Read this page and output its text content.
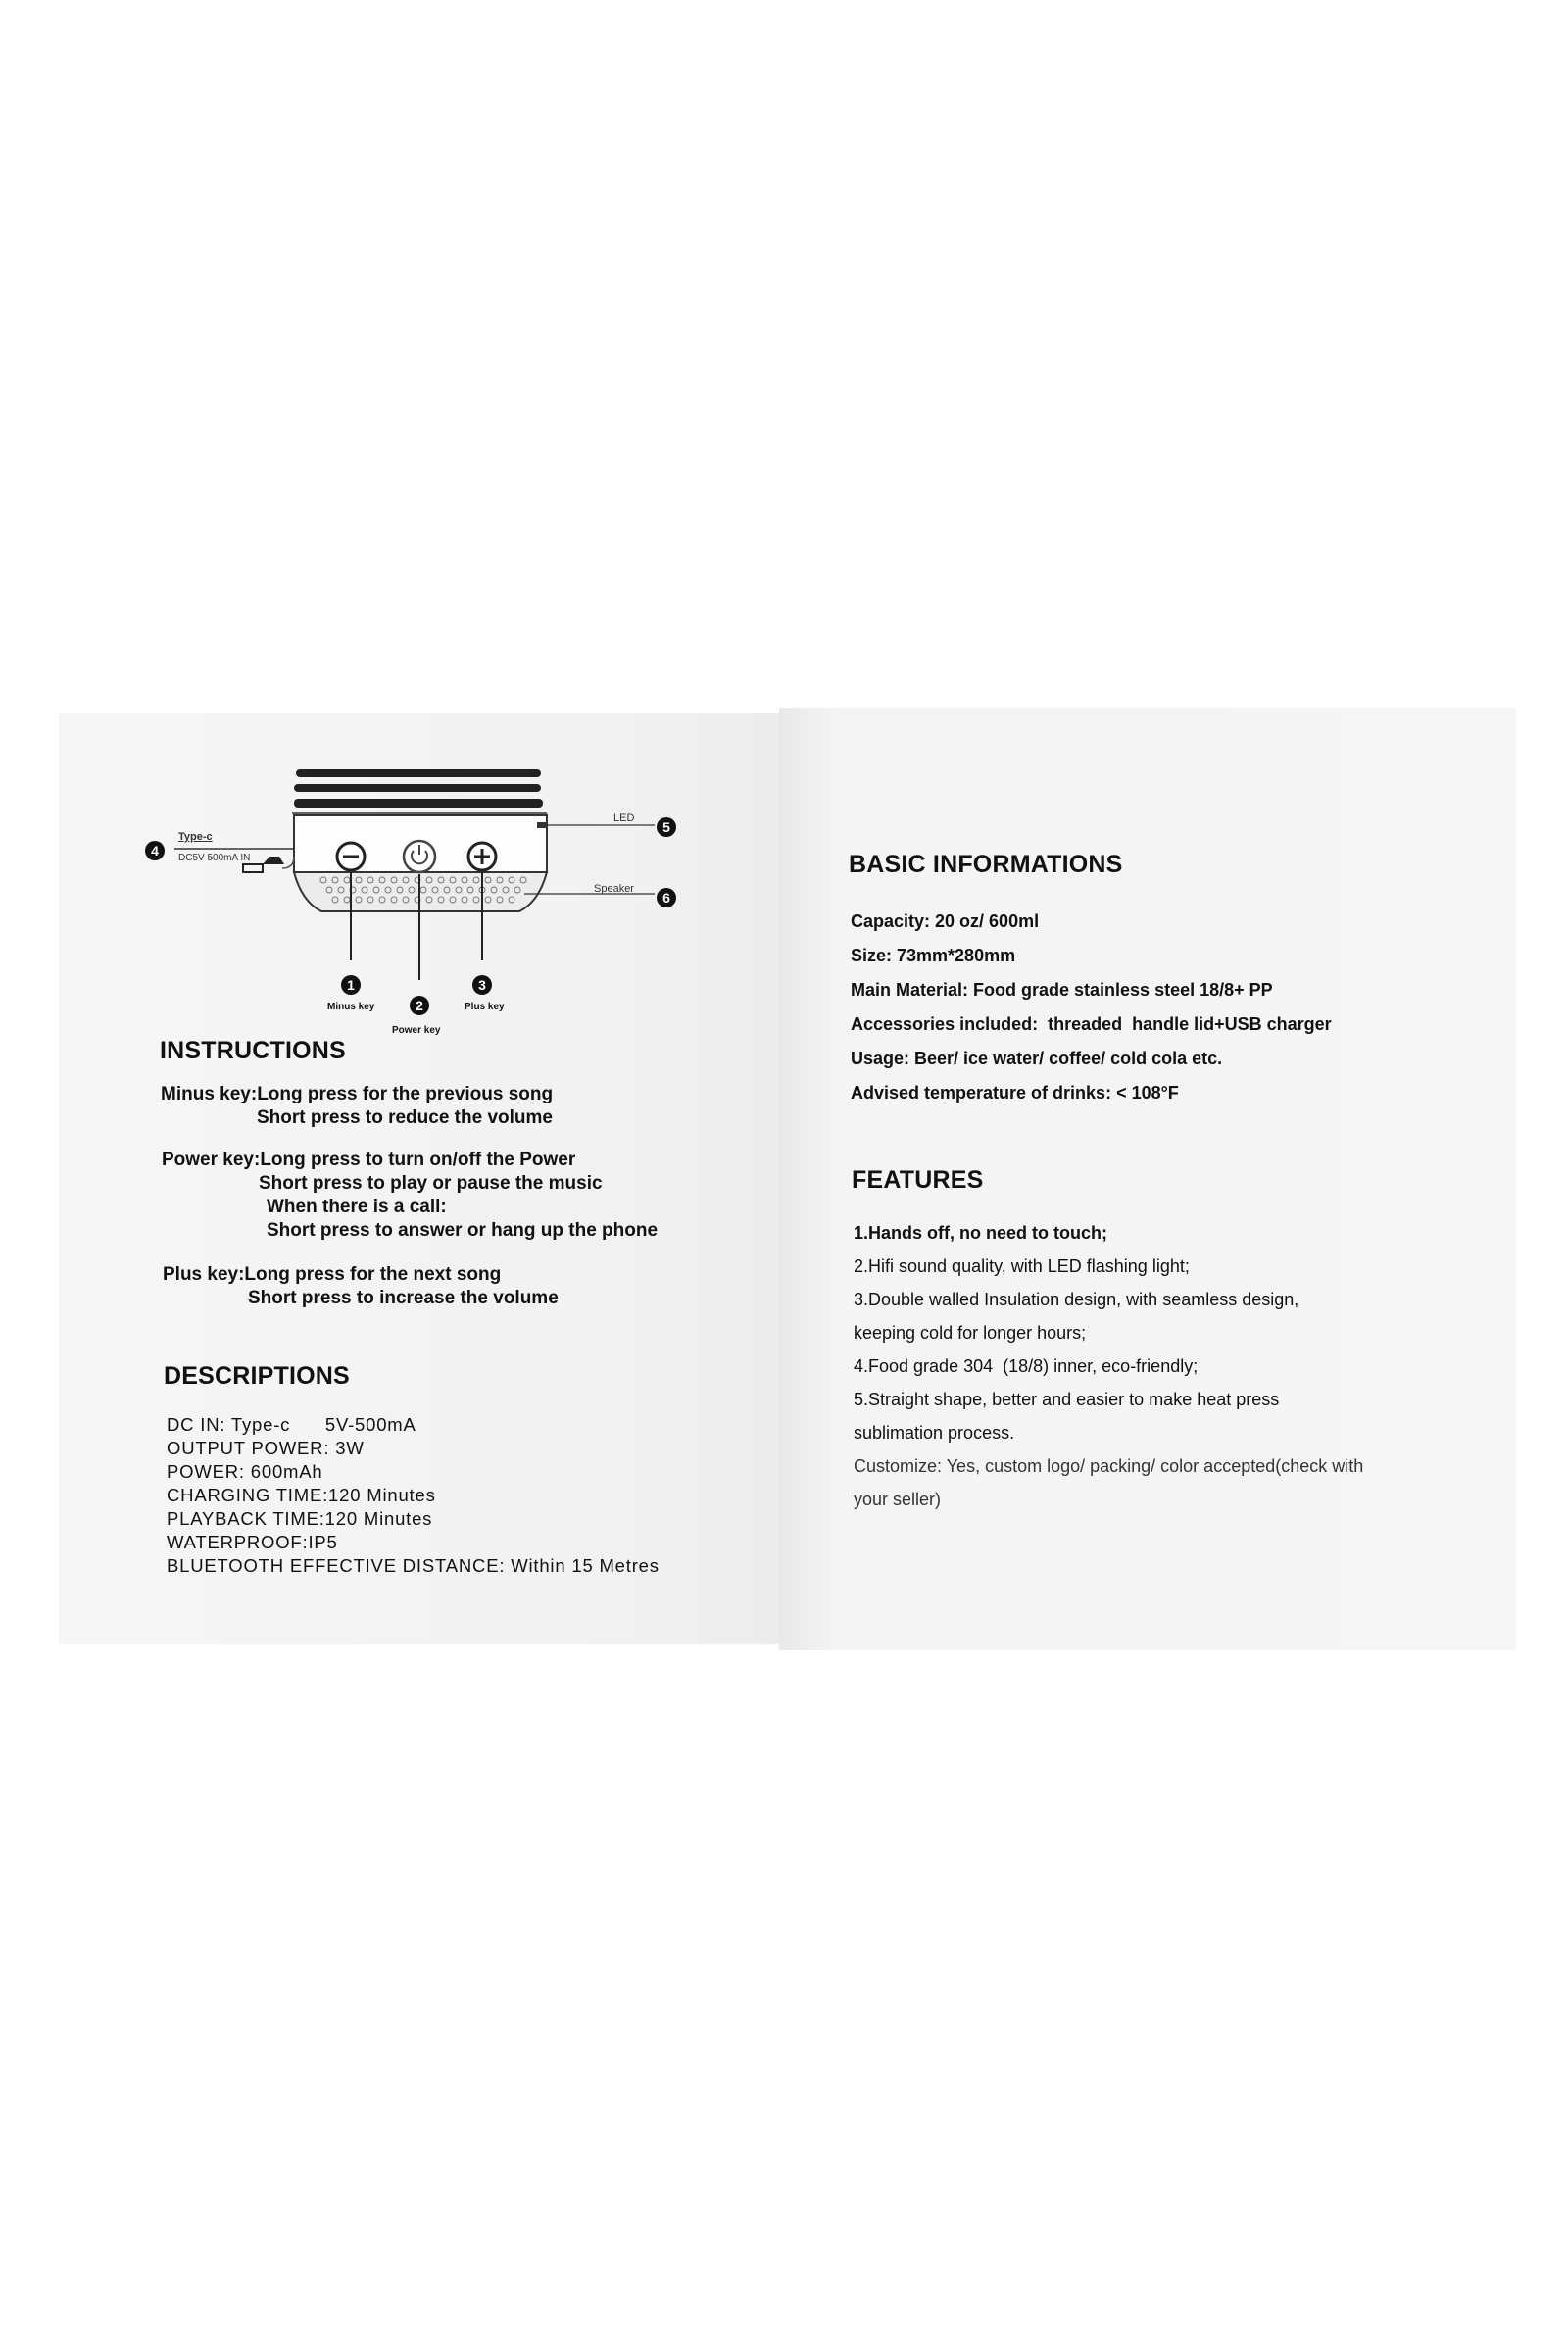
4
Type-c
DC5V 500mA IN
LED
5
Speaker
6
1
Minus key	2
Power key
3
Plus key
INSTRUCTIONS
Minus key:Long press for the previous song
Short press to reduce the volume
Power key:Long press to turn on/off the Power
Short press to play or pause the music
When there is a call:
Short press to answer or hang up the phone
Plus key:Long press for the next song
Short press to increase the volume
DESCRIPTIONS
DC IN: Type-c      5V-500mA
OUTPUT POWER: 3W
POWER: 600mAh
CHARGING TIME:120 Minutes
PLAYBACK TIME:120 Minutes
WATERPROOF:IP5
BLUETOOTH EFFECTIVE DISTANCE: Within 15 Metres
BASIC INFORMATIONS
Capacity: 20 oz/ 600ml
Size: 73mm*280mm
Main Material: Food grade stainless steel 18/8+ PP
Accessories included:  threaded  handle lid+USB charger
Usage: Beer/ ice water/ coffee/ cold cola etc.
Advised temperature of drinks: < 108°F
FEATURES
1.Hands off, no need to touch;
2.Hifi sound quality, with LED flashing light;
3.Double walled Insulation design, with seamless design,
keeping cold for longer hours;
4.Food grade 304  (18/8) inner, eco-friendly;
5.Straight shape, better and easier to make heat press
sublimation process.
Customize: Yes, custom logo/ packing/ color accepted(check with
your seller)
